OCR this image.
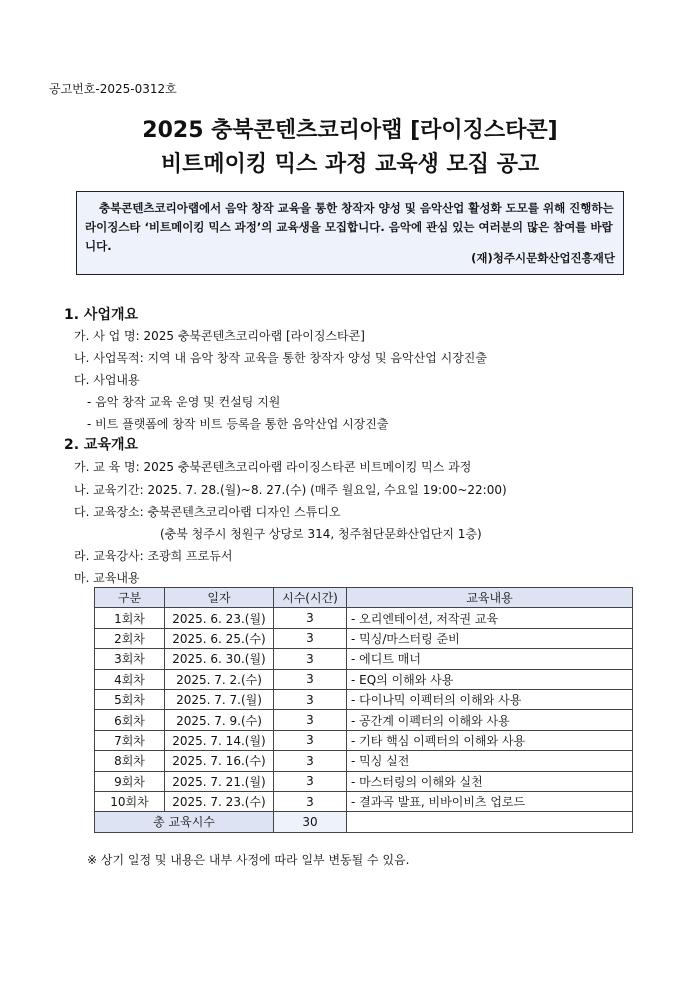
공고번호-2025-0312호
2025 충북콘텐츠코리아랩 [라이징스타콘]
비트메이킹 믹스 과정 교육생 모집 공고

충북콘텐츠코리아랩에서 음악 창작 교육을 통한 창작자 양성 및 음악산업 활성화 도모를 위해 진행하는 라이징스타 ‘비트메이킹 믹스 과정’의 교육생을 모집합니다. 음악에 관심 있는 여러분의 많은 참여를 바랍니다.

(재)청주시문화산업진흥재단
1. 사업개요
가. 사 업 명: 2025 충북콘텐츠코리아랩 [라이징스타콘]
나. 사업목적: 지역 내 음악 창작 교육을 통한 창작자 양성 및 음악산업 시장진출
다. 사업내용
- 음악 창작 교육 운영 및 컨설팅 지원
- 비트 플랫폼에 창작 비트 등록을 통한 음악산업 시장진출
2. 교육개요
가. 교 육 명: 2025 충북콘텐츠코리아랩 라이징스타콘 비트메이킹 믹스 과정
나. 교육기간: 2025. 7. 28.(월)~8. 27.(수) (매주 월요일, 수요일 19:00~22:00)
다. 교육장소: 충북콘텐츠코리아랩 디자인 스튜디오
(충북 청주시 청원구 상당로 314, 청주첨단문화산업단지 1층)
라. 교육강사: 조광희 프로듀서
마. 교육내용
구분	일자	시수(시간)	교육내용
1회차	2025. 6. 23.(월)	3	- 오리엔테이션, 저작권 교육
2회차	2025. 6. 25.(수)	3	- 믹싱/마스터링 준비
3회차	2025. 6. 30.(월)	3	- 에디트 매너
4회차	2025. 7. 2.(수)	3	- EQ의 이해와 사용
5회차	2025. 7. 7.(월)	3	- 다이나믹 이펙터의 이해와 사용
6회차	2025. 7. 9.(수)	3	- 공간계 이펙터의 이해와 사용
7회차	2025. 7. 14.(월)	3	- 기타 핵심 이펙터의 이해와 사용
8회차	2025. 7. 16.(수)	3	- 믹싱 실전
9회차	2025. 7. 21.(월)	3	- 마스터링의 이해와 실천
10회차	2025. 7. 23.(수)	3	- 결과곡 발표, 비바이비츠 업로드
총 교육시수		30	
※ 상기 일정 및 내용은 내부 사정에 따라 일부 변동될 수 있음.
